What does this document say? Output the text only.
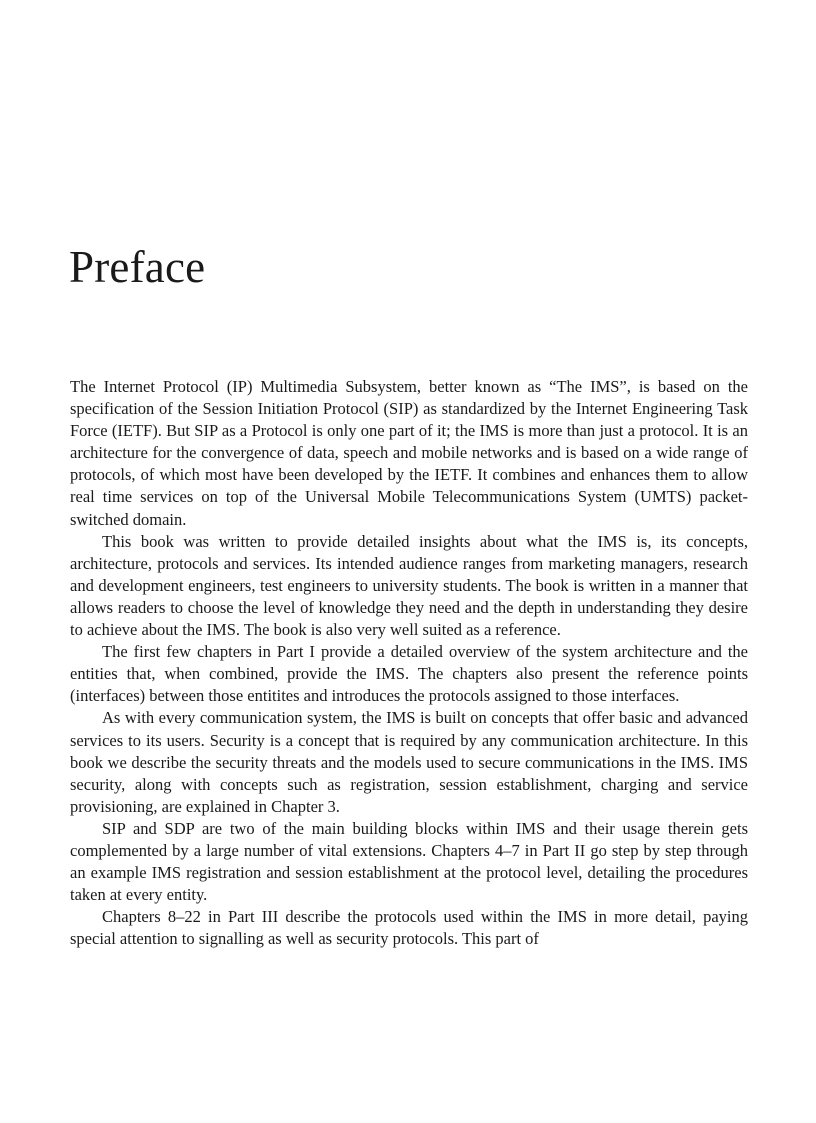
Preface

The Internet Protocol (IP) Multimedia Subsystem, better known as “The IMS”, is based on the specification of the Session Initiation Protocol (SIP) as standardized by the Internet Engineering Task Force (IETF). But SIP as a Protocol is only one part of it; the IMS is more than just a protocol. It is an architecture for the convergence of data, speech and mobile networks and is based on a wide range of protocols, of which most have been developed by the IETF. It combines and enhances them to allow real time services on top of the Universal Mobile Telecommunications System (UMTS) packet-switched domain.

This book was written to provide detailed insights about what the IMS is, its concepts, architecture, protocols and services. Its intended audience ranges from marketing managers, research and development engineers, test engineers to university students. The book is written in a manner that allows readers to choose the level of knowledge they need and the depth in understanding they desire to achieve about the IMS. The book is also very well suited as a reference.

The first few chapters in Part I provide a detailed overview of the system architecture and the entities that, when combined, provide the IMS. The chapters also present the reference points (interfaces) between those entitites and introduces the protocols assigned to those interfaces.

As with every communication system, the IMS is built on concepts that offer basic and advanced services to its users. Security is a concept that is required by any communication architecture. In this book we describe the security threats and the models used to secure communications in the IMS. IMS security, along with concepts such as registration, session establishment, charging and service provisioning, are explained in Chapter 3.

SIP and SDP are two of the main building blocks within IMS and their usage therein gets complemented by a large number of vital extensions. Chapters 4–7 in Part II go step by step through an example IMS registration and session establishment at the protocol level, detailing the procedures taken at every entity.

Chapters 8–22 in Part III describe the protocols used within the IMS in more detail, paying special attention to signalling as well as security protocols. This part of
